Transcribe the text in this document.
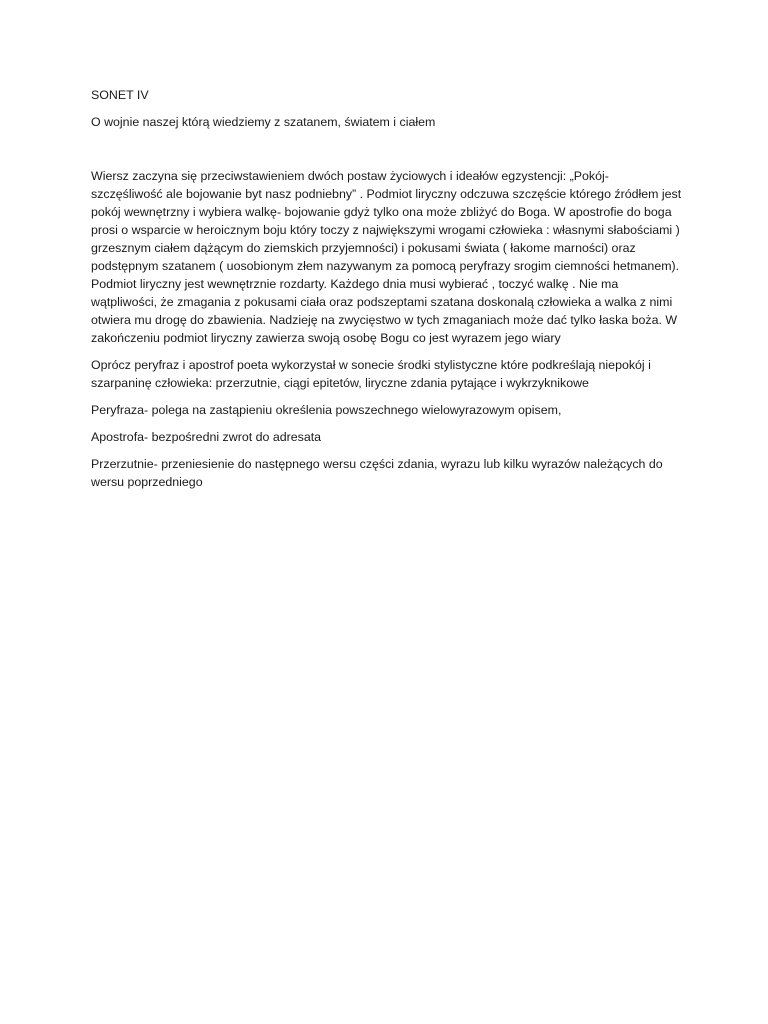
SONET IV

O wojnie naszej którą wiedziemy z szatanem, światem i ciałem

Wiersz zaczyna się przeciwstawieniem dwóch postaw życiowych i ideałów egzystencji: „Pokój- szczęśliwość ale bojowanie byt nasz podniebny” . Podmiot liryczny odczuwa szczęście którego źródłem jest pokój wewnętrzny i wybiera walkę- bojowanie gdyż tylko ona może zbliżyć do Boga. W apostrofie do boga prosi o wsparcie w heroicznym boju który toczy z największymi wrogami człowieka : własnymi słabościami ) grzesznym ciałem dążącym do ziemskich przyjemności) i pokusami świata ( łakome marności) oraz podstępnym szatanem ( uosobionym złem nazywanym za pomocą peryfrazy srogim ciemności hetmanem). Podmiot liryczny jest wewnętrznie rozdarty. Każdego dnia musi wybierać , toczyć walkę . Nie ma wątpliwości, że zmagania z pokusami ciała oraz podszeptami szatana doskonalą człowieka a walka z nimi otwiera mu drogę do zbawienia. Nadzieję na zwycięstwo w tych zmaganiach może dać tylko łaska boża. W zakończeniu podmiot liryczny zawierza swoją osobę Bogu co jest wyrazem jego wiary

Oprócz peryfraz i apostrof poeta wykorzystał w sonecie środki stylistyczne które podkreślają niepokój i szarpaninę człowieka: przerzutnie, ciągi epitetów, liryczne zdania pytające i wykrzyknikowe

Peryfraza- polega na zastąpieniu określenia powszechnego wielowyrazowym opisem,

Apostrofa- bezpośredni zwrot do adresata

Przerzutnie- przeniesienie do następnego wersu części zdania, wyrazu lub kilku wyrazów należących do wersu poprzedniego
